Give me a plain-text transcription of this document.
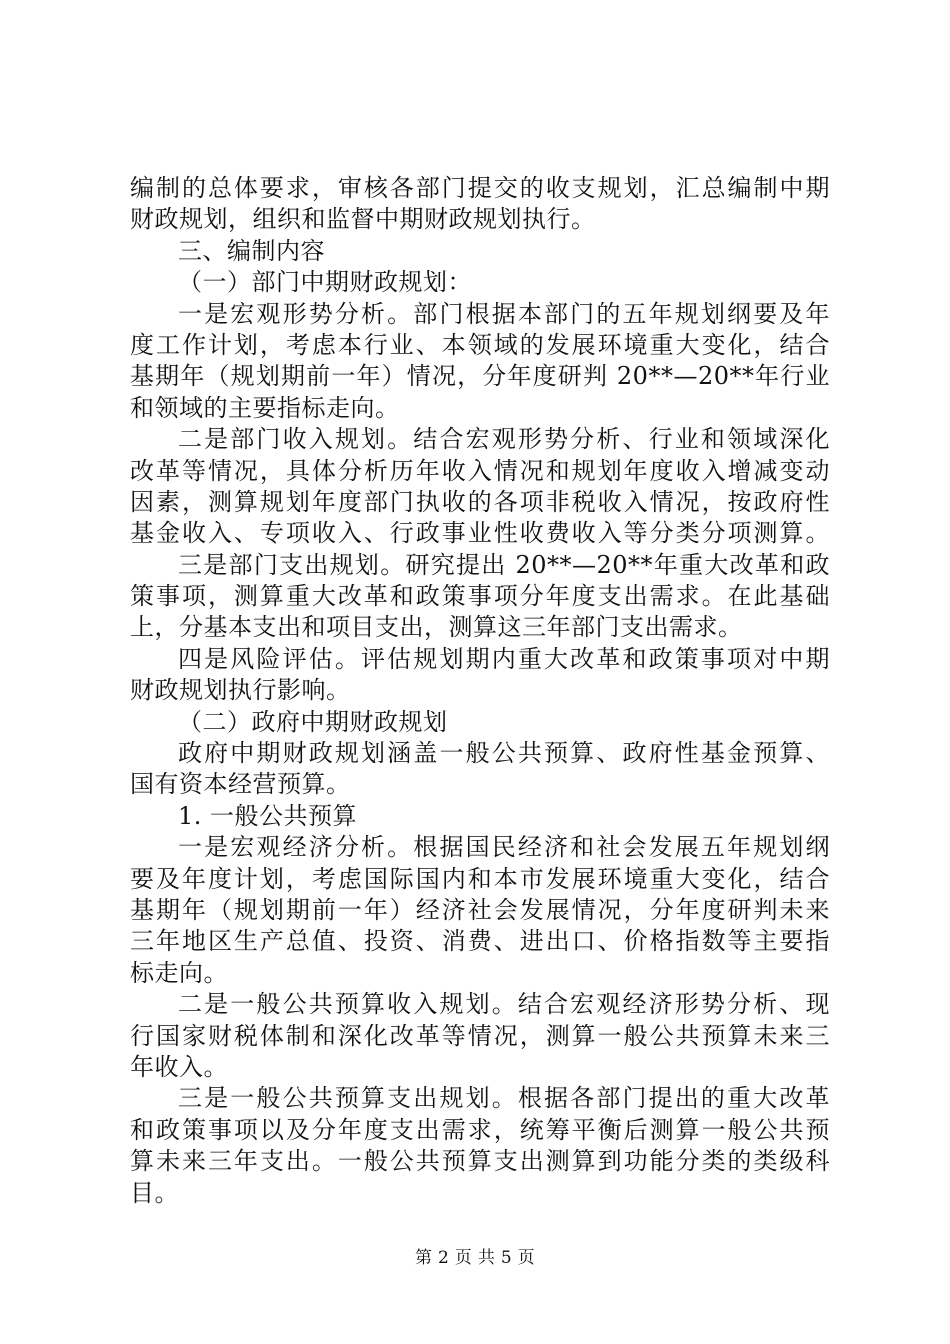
编制的总体要求，审核各部门提交的收支规划，汇总编制中期
财政规划，组织和监督中期财政规划执行。
三、编制内容
（一）部门中期财政规划：
一是宏观形势分析。部门根据本部门的五年规划纲要及年
度工作计划，考虑本行业、本领域的发展环境重大变化，结合
基期年（规划期前一年）情况，分年度研判 20**—20**年行业
和领域的主要指标走向。
二是部门收入规划。结合宏观形势分析、行业和领域深化
改革等情况，具体分析历年收入情况和规划年度收入增减变动
因素，测算规划年度部门执收的各项非税收入情况，按政府性
基金收入、专项收入、行政事业性收费收入等分类分项测算。
三是部门支出规划。研究提出 20**—20**年重大改革和政
策事项，测算重大改革和政策事项分年度支出需求。在此基础
上，分基本支出和项目支出，测算这三年部门支出需求。
四是风险评估。评估规划期内重大改革和政策事项对中期
财政规划执行影响。
（二）政府中期财政规划
政府中期财政规划涵盖一般公共预算、政府性基金预算、
国有资本经营预算。
1. 一般公共预算
一是宏观经济分析。根据国民经济和社会发展五年规划纲
要及年度计划，考虑国际国内和本市发展环境重大变化，结合
基期年（规划期前一年）经济社会发展情况，分年度研判未来
三年地区生产总值、投资、消费、进出口、价格指数等主要指
标走向。
二是一般公共预算收入规划。结合宏观经济形势分析、现
行国家财税体制和深化改革等情况，测算一般公共预算未来三
年收入。
三是一般公共预算支出规划。根据各部门提出的重大改革
和政策事项以及分年度支出需求，统筹平衡后测算一般公共预
算未来三年支出。一般公共预算支出测算到功能分类的类级科
目。
第 2 页 共 5 页
